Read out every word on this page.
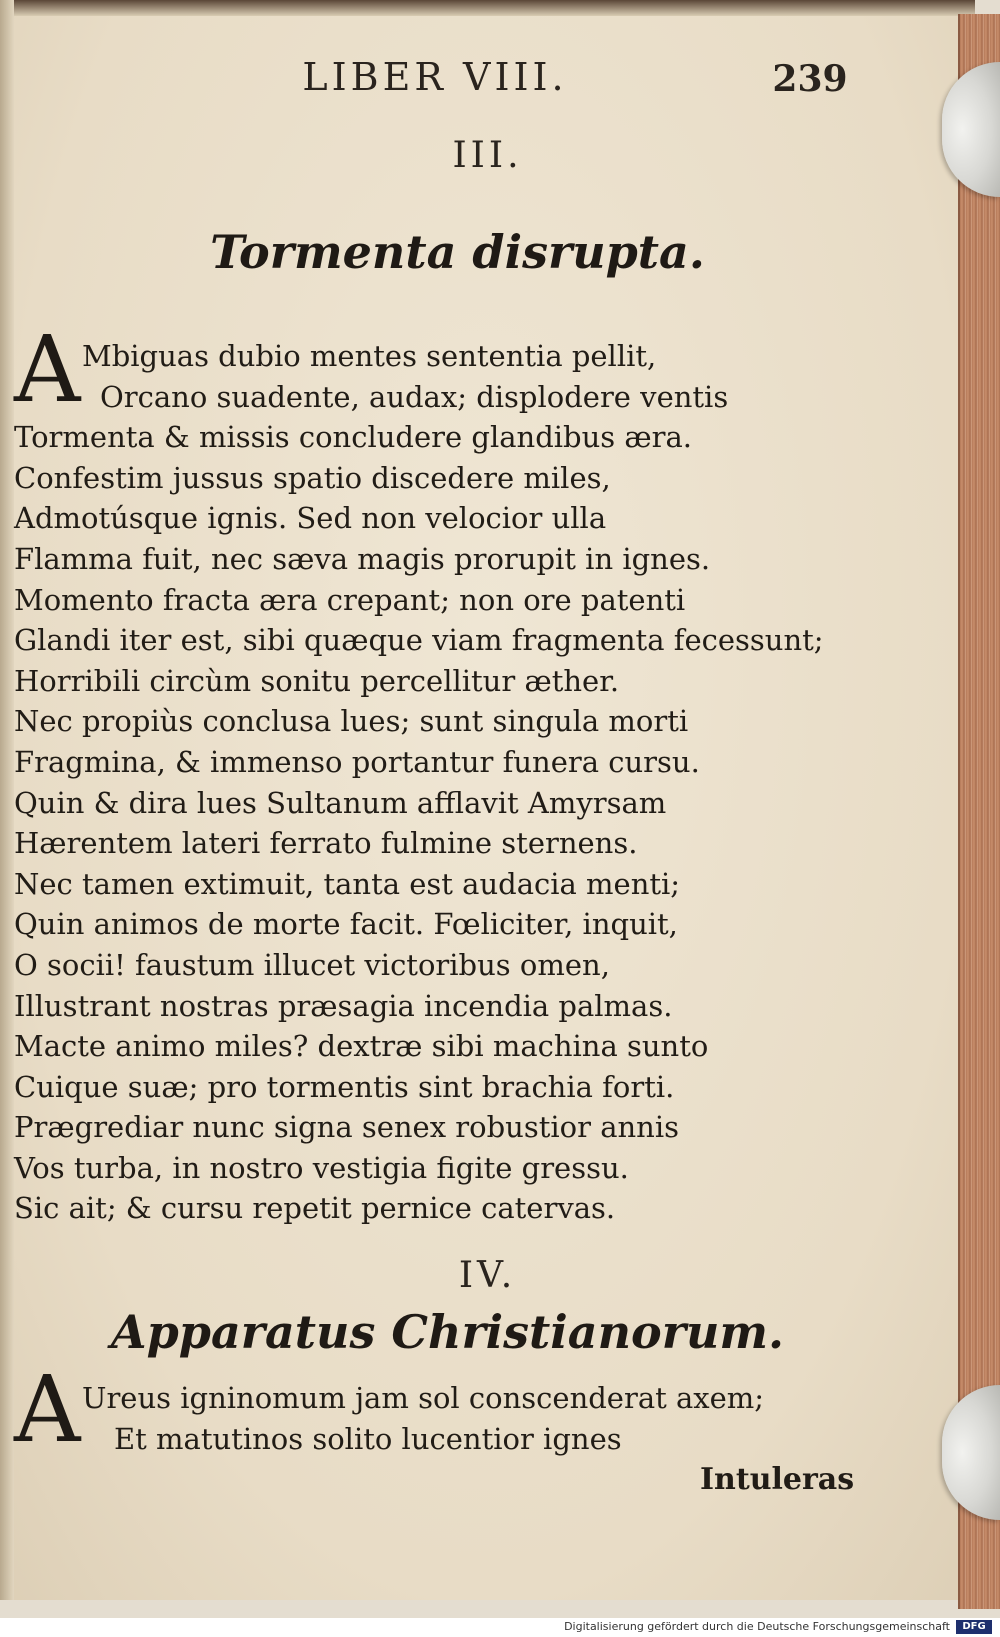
LIBER VIII.	239
III.
Tormenta disrupta.
A Mbiguas dubio mentes sententia pellit,
Orcano suadente, audax; displodere ventis
Tormenta & missis concludere glandibus æra.
Confestim jussus spatio discedere miles,
Admotúsque ignis. Sed non velocior ulla
Flamma fuit, nec sæva magis prorupit in ignes.
Momento fracta æra crepant; non ore patenti
Glandi iter est, sibi quæque viam fragmenta fecessunt;
Horribili circùm sonitu percellitur æther.
Nec propiùs conclusa lues; sunt singula morti
Fragmina, & immenso portantur funera cursu.
Quin & dira lues Sultanum afflavit Amyrsam
Hærentem lateri ferrato fulmine sternens.
Nec tamen extimuit, tanta est audacia menti;
Quin animos de morte facit. Fœliciter, inquit,
O socii! faustum illucet victoribus omen,
Illustrant nostras præsagia incendia palmas.
Macte animo miles? dextræ sibi machina sunto
Cuique suæ; pro tormentis sint brachia forti.
Prægrediar nunc signa senex robustior annis
Vos turba, in nostro vestigia figite gressu.
Sic ait; & cursu repetit pernice catervas.
IV.
Apparatus Christianorum.
A Ureus igninomum jam sol conscenderat axem;
Et matutinos solito lucentior ignes
Intuleras
Digitalisierung gefördert durch die Deutsche Forschungsgemeinschaft	DFG
